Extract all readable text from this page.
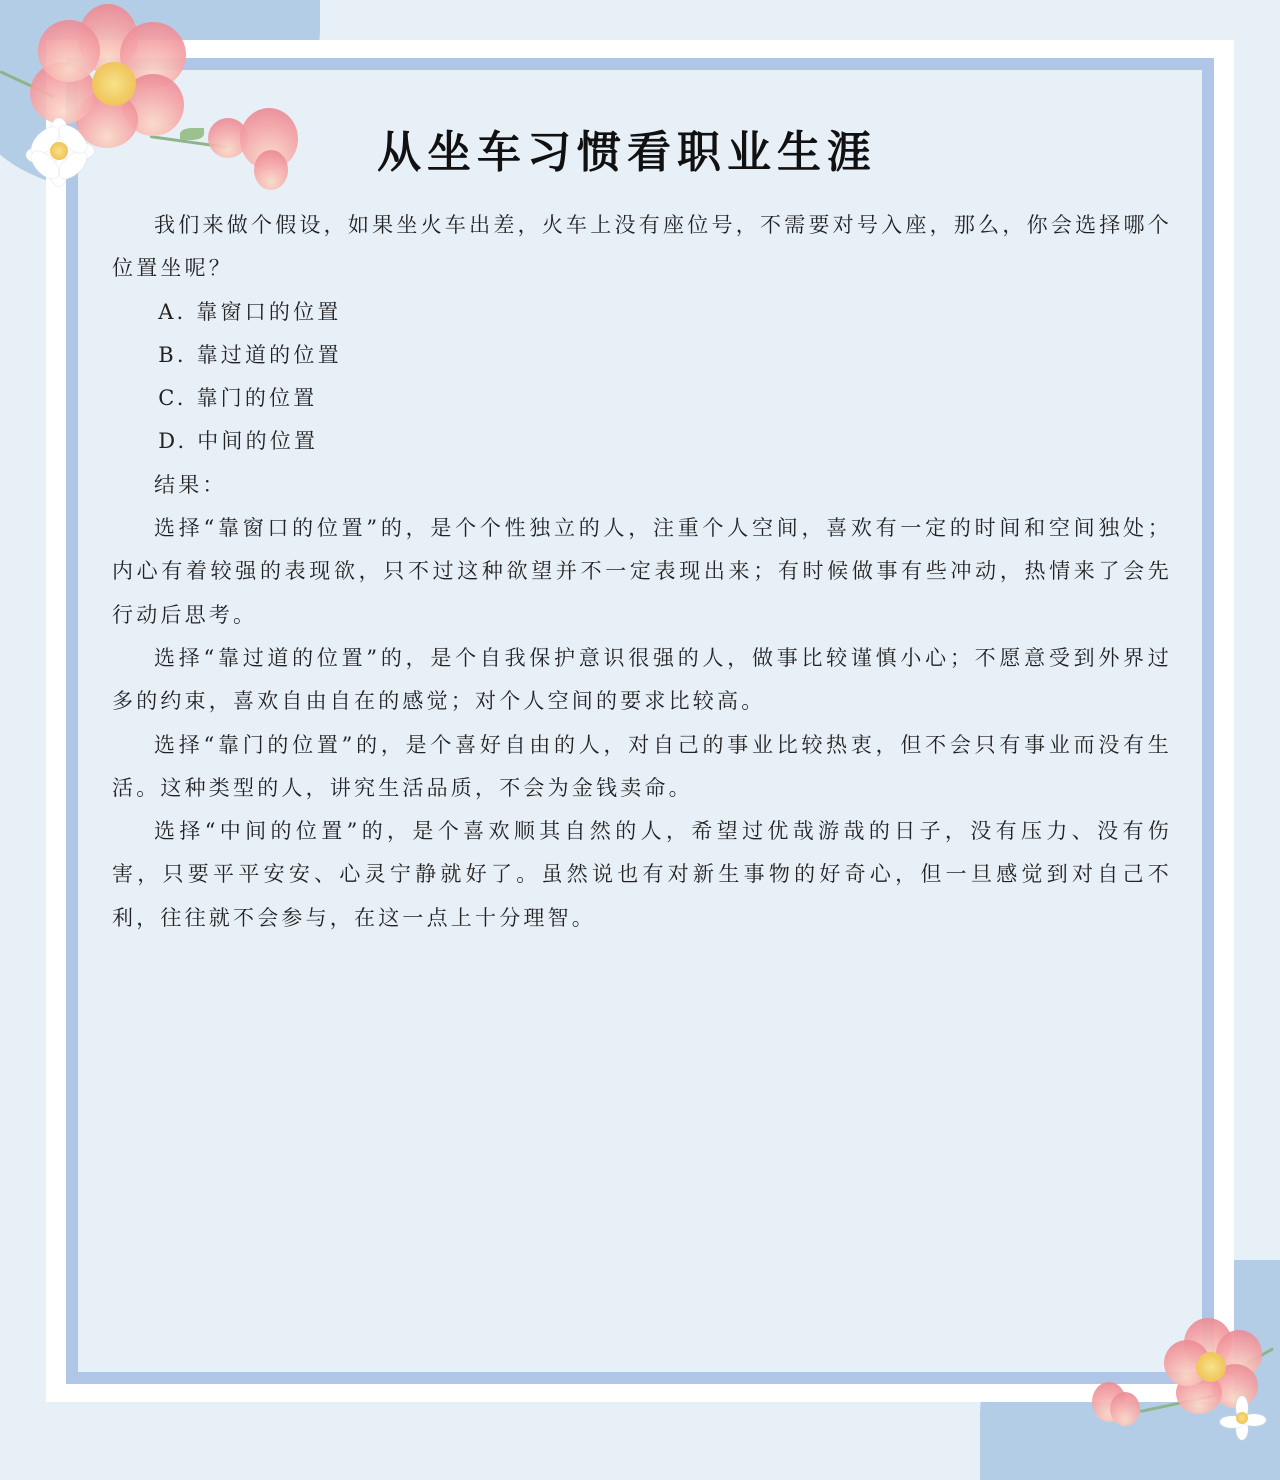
从坐车习惯看职业生涯

我们来做个假设，如果坐火车出差，火车上没有座位号，不需要对号入座，那么，你会选择哪个位置坐呢？

A. 靠窗口的位置

B. 靠过道的位置

C. 靠门的位置

D. 中间的位置

结果：

选择“靠窗口的位置”的，是个个性独立的人，注重个人空间，喜欢有一定的时间和空间独处；内心有着较强的表现欲，只不过这种欲望并不一定表现出来；有时候做事有些冲动，热情来了会先行动后思考。

选择“靠过道的位置”的，是个自我保护意识很强的人，做事比较谨慎小心；不愿意受到外界过多的约束，喜欢自由自在的感觉；对个人空间的要求比较高。

选择“靠门的位置”的，是个喜好自由的人，对自己的事业比较热衷，但不会只有事业而没有生活。这种类型的人，讲究生活品质，不会为金钱卖命。

选择“中间的位置”的，是个喜欢顺其自然的人，希望过优哉游哉的日子，没有压力、没有伤害，只要平平安安、心灵宁静就好了。虽然说也有对新生事物的好奇心，但一旦感觉到对自己不利，往往就不会参与，在这一点上十分理智。
